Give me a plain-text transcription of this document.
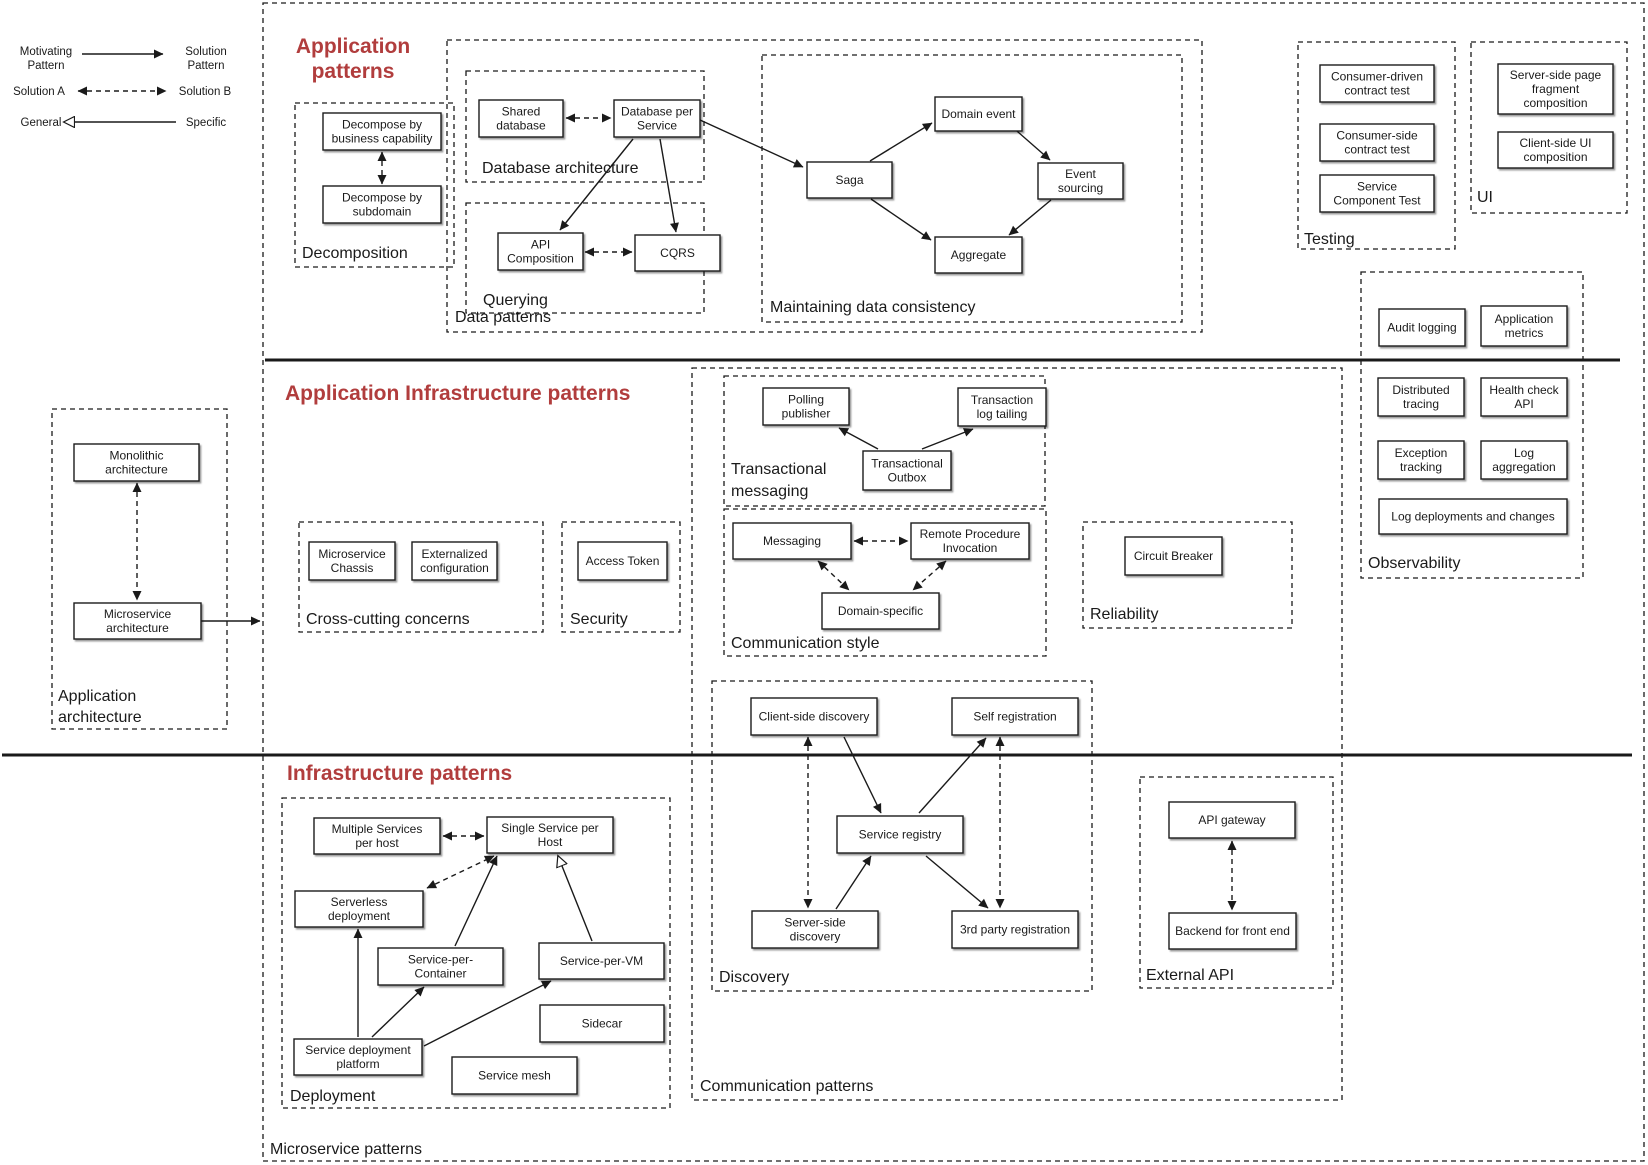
Microservice patterns
Application architecture
Decomposition
Data patterns
Database architecture
Querying	Maintaining data consistency
Testing
UI
Observability
Cross-cutting concerns	Security
Communication patterns
Transactional messaging
Communication style
Reliability
Discovery	External API
Deployment
Monolithic architecture
Microservice architecture
Decompose by business capability
Decompose by subdomain
Shared database
Database per Service
API Composition	CQRS
Domain event
Saga	Event sourcing
Aggregate
Consumer-driven contract test
Consumer-side contract test
Service Component Test
Server-side page fragment composition
Client-side UI composition
Audit logging
Application metrics
Distributed tracing
Health check API
Exception tracking
Log aggregation
Log deployments and changes
Microservice Chassis
Externalized configuration	Access Token
Polling publisher
Transaction log tailing
Transactional Outbox
Messaging	Remote Procedure Invocation
Domain-specific
Circuit Breaker
Client-side discovery	Self registration
Service registry
Server-side discovery	3rd party registration
API gateway
Backend for front end
Multiple Services per host
Single Service per Host
Serverless deployment
Service-per-Container
Service-per-VM
Sidecar
Service mesh
Service deployment platform
Application patterns
Application Infrastructure patterns
Infrastructure patterns
Motivating Pattern
Solution Pattern
Solution A	Solution B
General	Specific
